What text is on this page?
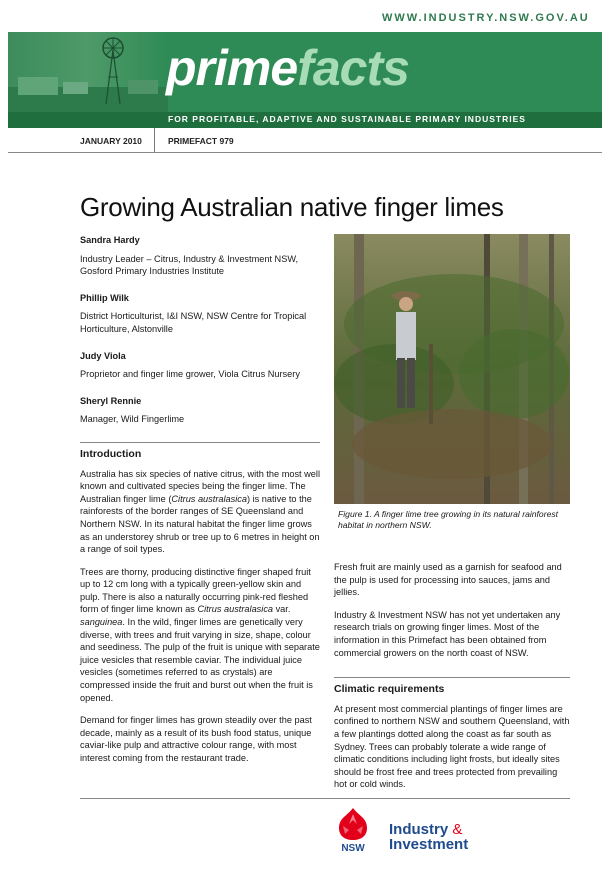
WWW.INDUSTRY.NSW.GOV.AU
primefacts
FOR PROFITABLE, ADAPTIVE AND SUSTAINABLE PRIMARY INDUSTRIES
JANUARY 2010	PRIMEFACT 979
Growing Australian native finger limes
Sandra Hardy
Industry Leader – Citrus, Industry & Investment NSW, Gosford Primary Industries Institute
Phillip Wilk
District Horticulturist, I&I NSW, NSW Centre for Tropical Horticulture, Alstonville
Judy Viola
Proprietor and finger lime grower, Viola Citrus Nursery
Sheryl Rennie
Manager, Wild Fingerlime
Introduction

Australia has six species of native citrus, with the most well known and cultivated species being the finger lime. The Australian finger lime (Citrus australasica) is native to the rainforests of the border ranges of SE Queensland and Northern NSW. In its natural habitat the finger lime grows as an understorey shrub or tree up to 6 metres in height on a range of soil types.

Trees are thorny, producing distinctive finger shaped fruit up to 12 cm long with a typically green-yellow skin and pulp. There is also a naturally occurring pink-red fleshed form of finger lime known as Citrus australasica var. sanguinea. In the wild, finger limes are genetically very diverse, with trees and fruit varying in size, shape, colour and seediness. The pulp of the fruit is unique with separate juice vesicles that resemble caviar. The individual juice vesicles (sometimes referred to as crystals) are compressed inside the fruit and burst out when the fruit is opened.

Demand for finger limes has grown steadily over the past decade, mainly as a result of its bush food status, unique caviar-like pulp and attractive colour range, with most interest coming from the restaurant trade.

Figure 1. A finger lime tree growing in its natural rainforest habitat in northern NSW.

Fresh fruit are mainly used as a garnish for seafood and the pulp is used for processing into sauces, jams and jellies.

Industry & Investment NSW has not yet undertaken any research trials on growing finger limes. Most of the information in this Primefact has been obtained from commercial growers on the north coast of NSW.

Climatic requirements

At present most commercial plantings of finger limes are confined to northern NSW and southern Queensland, with a few plantings dotted along the coast as far south as Sydney. Trees can probably tolerate a wide range of climatic conditions including light frosts, but ideally sites should be frost free and trees protected from prevailing hot or cold winds.

NSW
Industry &
Investment
